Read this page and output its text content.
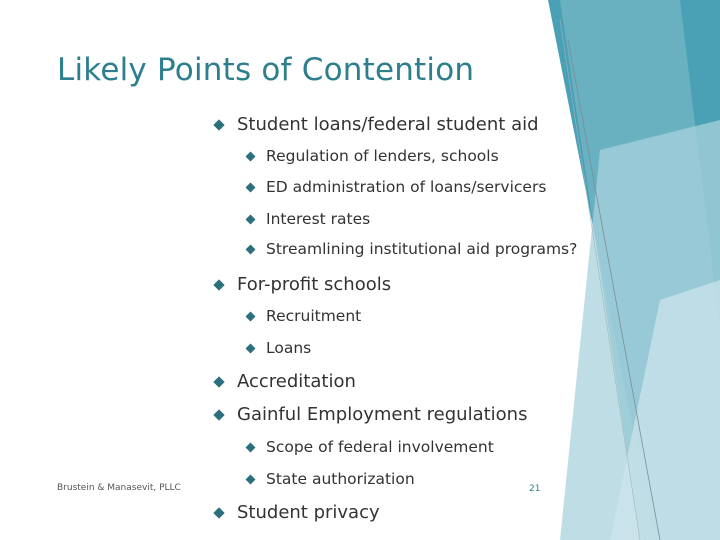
Likely Points of Contention
Student loans/federal student aid
Regulation of lenders, schools
ED administration of loans/servicers
Interest rates
Streamlining institutional aid programs?
For-profit schools
Recruitment
Loans
Accreditation
Gainful Employment regulations
Scope of federal involvement
State authorization
Student privacy
Brustein & Manasevit, PLLC	21
